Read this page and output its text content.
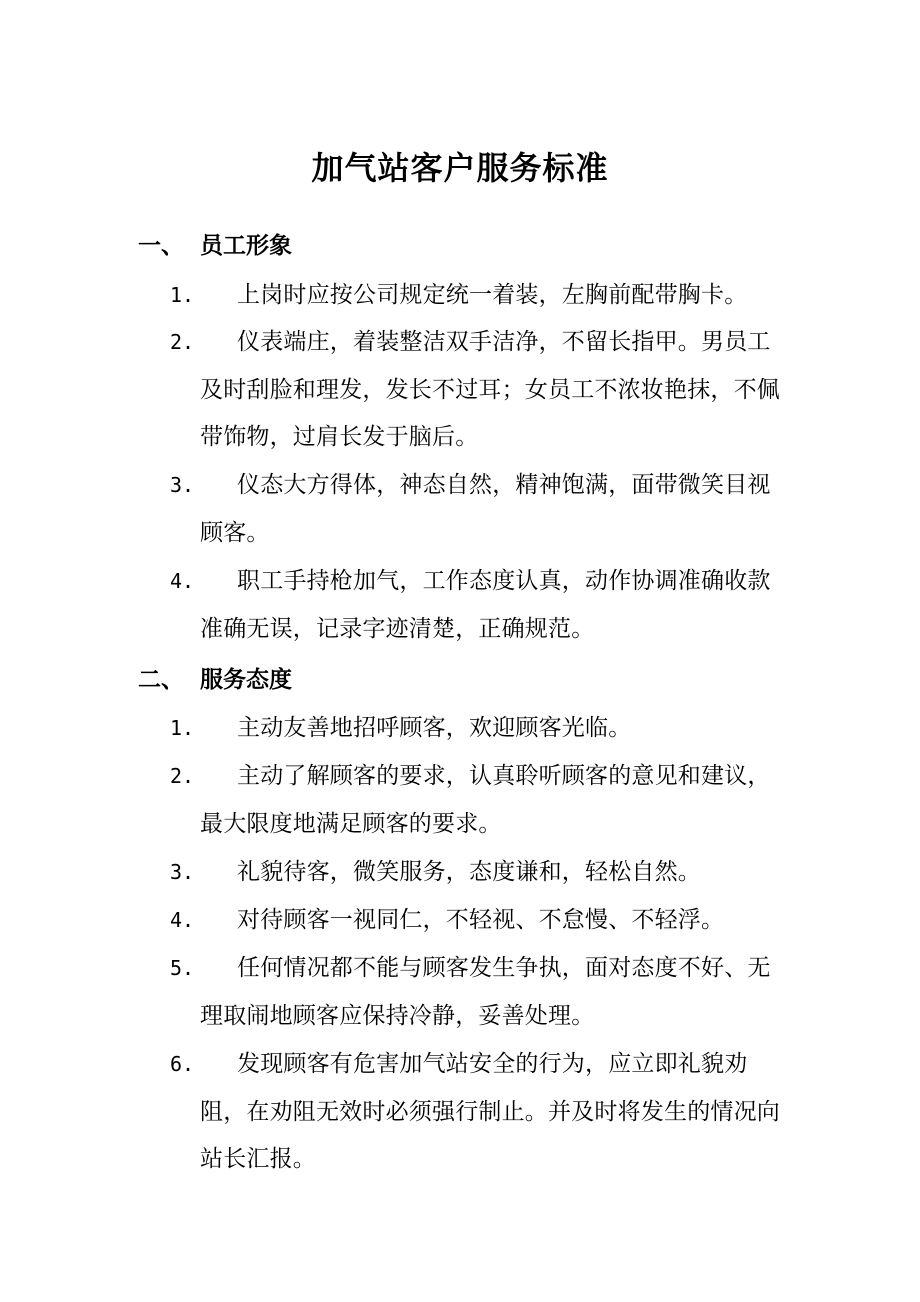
加气站客户服务标准
一、 员工形象
1.	上岗时应按公司规定统一着装，左胸前配带胸卡。
2.	仪表端庄，着装整洁双手洁净，不留长指甲。男员工及时刮脸和理发，发长不过耳；女员工不浓妆艳抹，不佩带饰物，过肩长发于脑后。
3.	仪态大方得体，神态自然，精神饱满，面带微笑目视顾客。
4.	职工手持枪加气，工作态度认真，动作协调准确收款准确无误，记录字迹清楚，正确规范。
二、 服务态度
1.	主动友善地招呼顾客，欢迎顾客光临。
2.	主动了解顾客的要求，认真聆听顾客的意见和建议，最大限度地满足顾客的要求。
3.	礼貌待客，微笑服务，态度谦和，轻松自然。
4.	对待顾客一视同仁，不轻视、不怠慢、不轻浮。
5.	任何情况都不能与顾客发生争执，面对态度不好、无理取闹地顾客应保持冷静，妥善处理。
6.	发现顾客有危害加气站安全的行为，应立即礼貌劝阻，在劝阻无效时必须强行制止。并及时将发生的情况向站长汇报。
